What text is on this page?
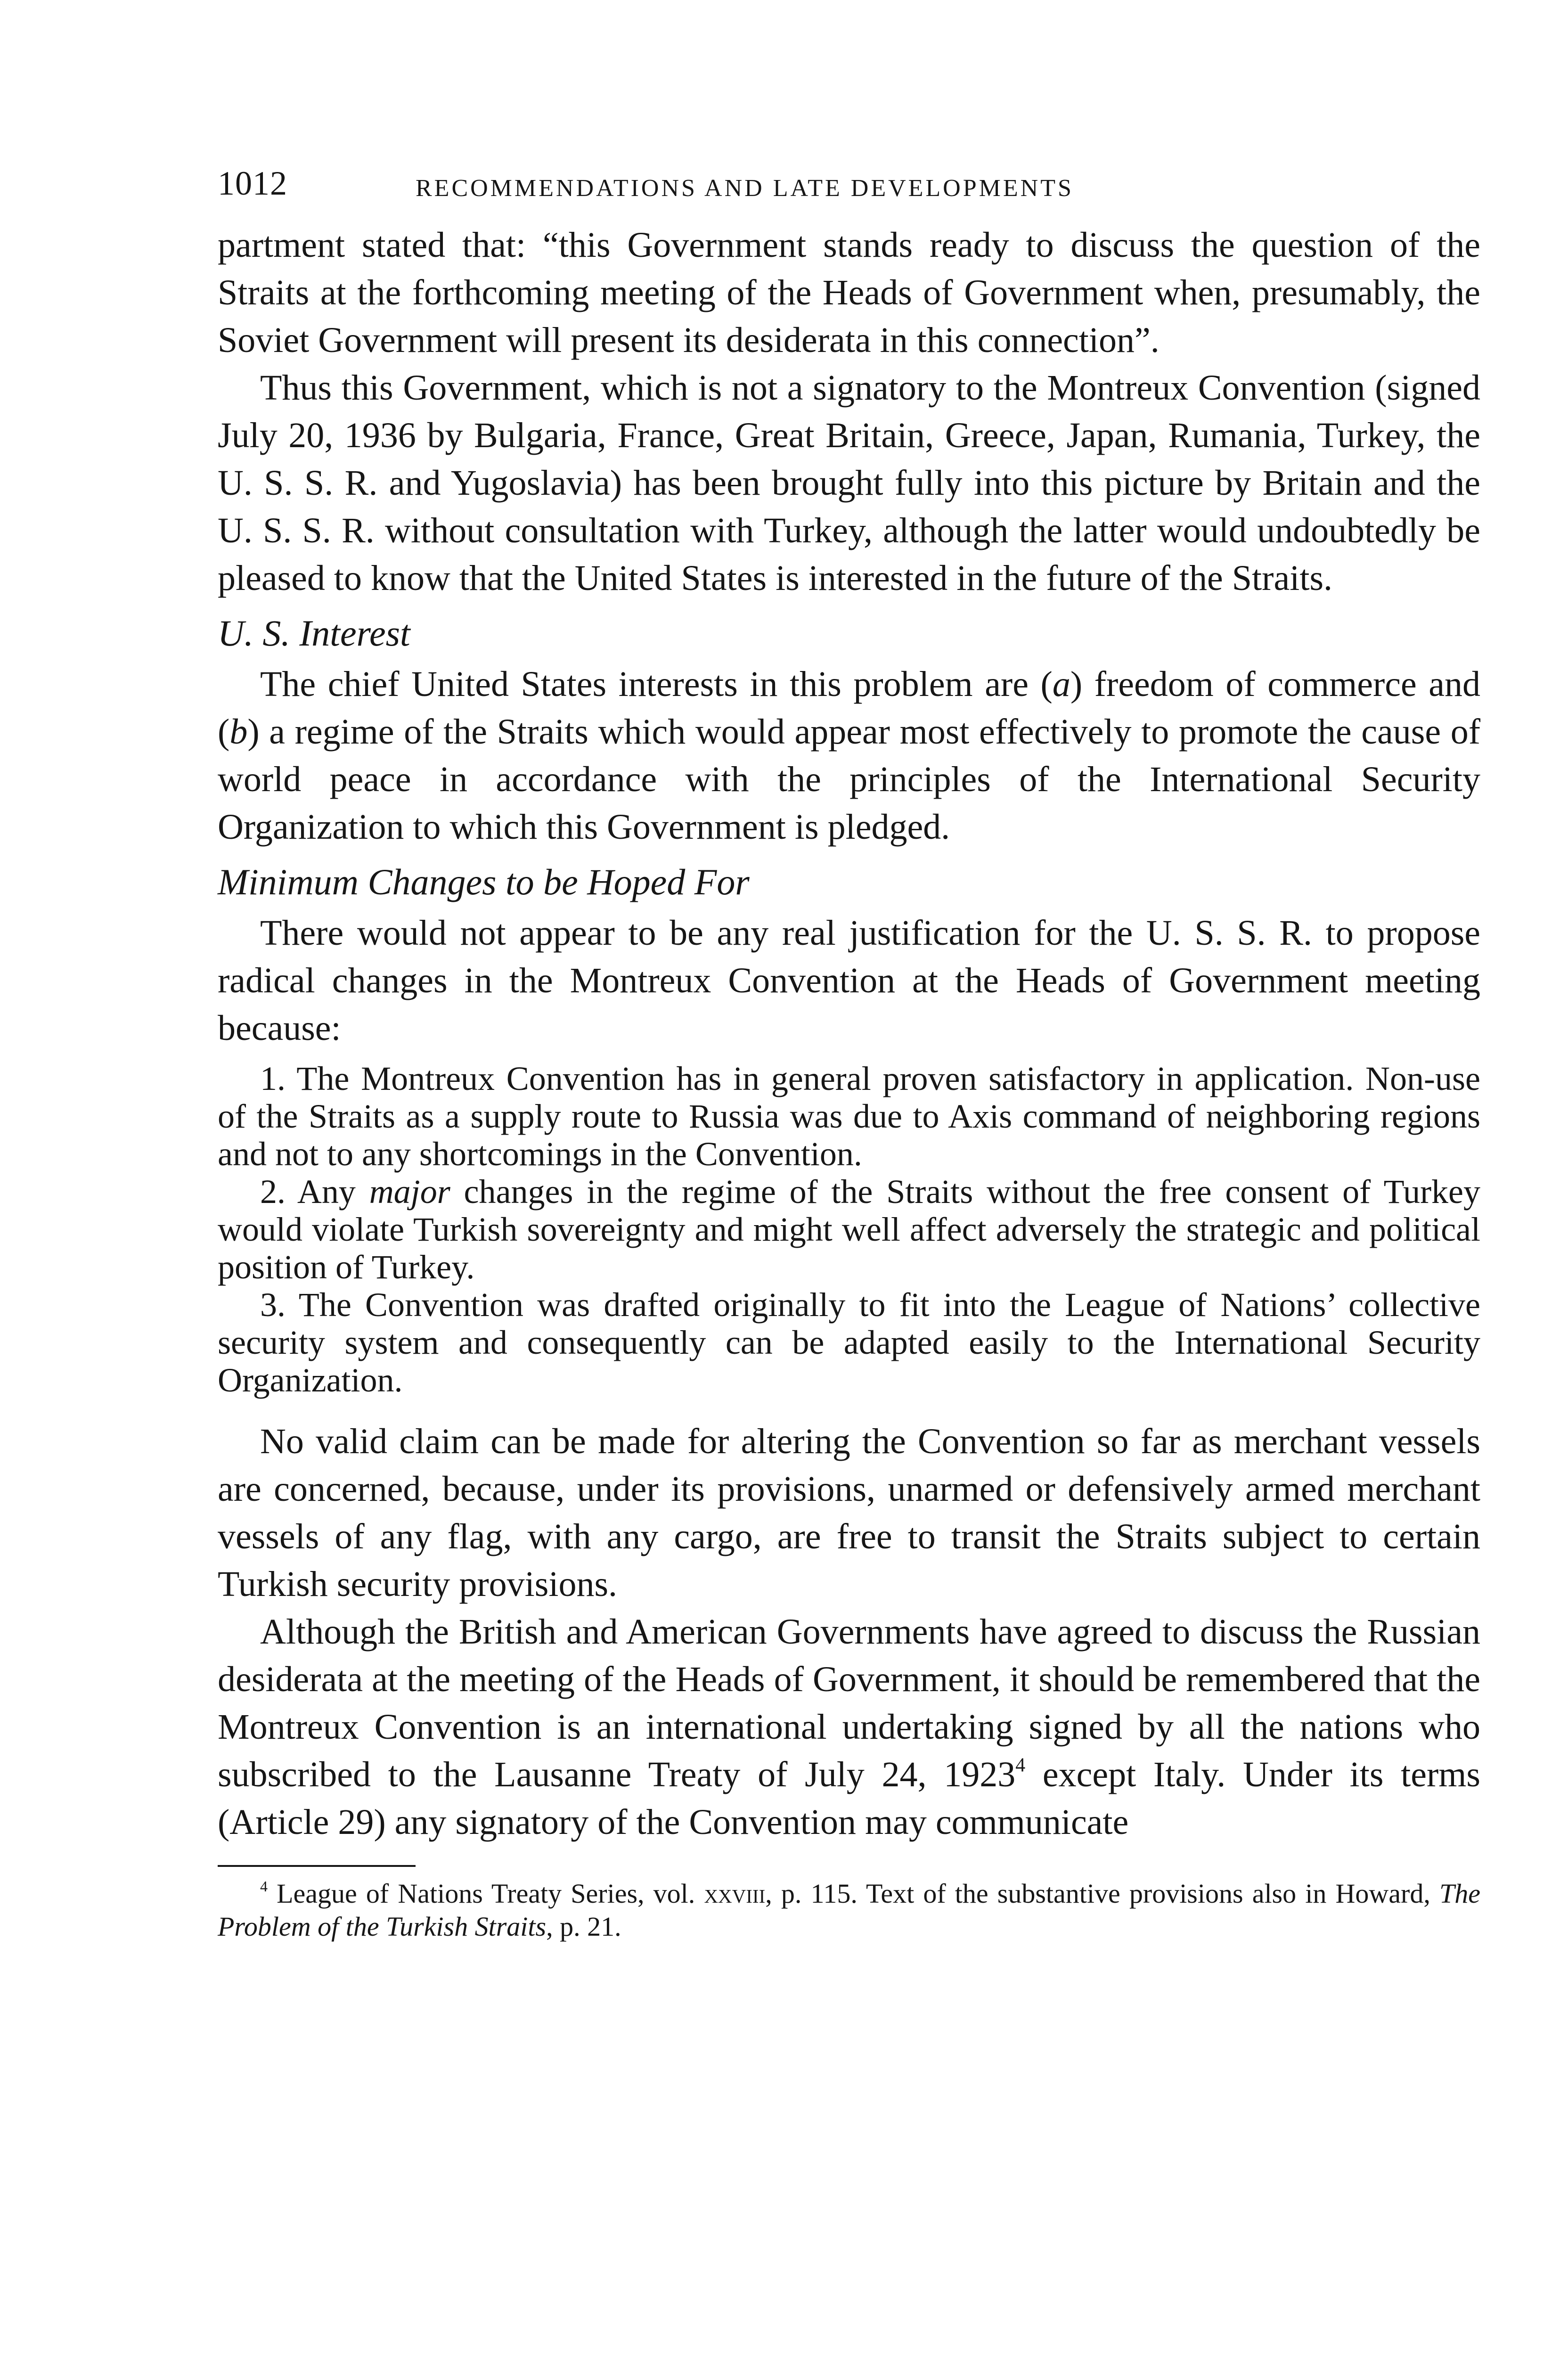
1012	RECOMMENDATIONS AND LATE DEVELOPMENTS

partment stated that: “this Government stands ready to discuss the question of the Straits at the forthcoming meeting of the Heads of Government when, presumably, the Soviet Government will present its desiderata in this connection”.

Thus this Government, which is not a signatory to the Montreux Convention (signed July 20, 1936 by Bulgaria, France, Great Britain, Greece, Japan, Rumania, Turkey, the U. S. S. R. and Yugoslavia) has been brought fully into this picture by Britain and the U. S. S. R. without consultation with Turkey, although the latter would undoubtedly be pleased to know that the United States is interested in the future of the Straits.

U. S. Interest

The chief United States interests in this problem are (a) freedom of commerce and (b) a regime of the Straits which would appear most effectively to promote the cause of world peace in accordance with the principles of the International Security Organization to which this Government is pledged.

Minimum Changes to be Hoped For

There would not appear to be any real justification for the U. S. S. R. to propose radical changes in the Montreux Convention at the Heads of Government meeting because:

1. The Montreux Convention has in general proven satisfactory in application. Non-use of the Straits as a supply route to Russia was due to Axis command of neighboring regions and not to any shortcomings in the Convention.
2. Any major changes in the regime of the Straits without the free consent of Turkey would violate Turkish sovereignty and might well affect adversely the strategic and political position of Turkey.
3. The Convention was drafted originally to fit into the League of Nations’ collective security system and consequently can be adapted easily to the International Security Organization.

No valid claim can be made for altering the Convention so far as merchant vessels are concerned, because, under its provisions, unarmed or defensively armed merchant vessels of any flag, with any cargo, are free to transit the Straits subject to certain Turkish security provisions.

Although the British and American Governments have agreed to discuss the Russian desiderata at the meeting of the Heads of Government, it should be remembered that the Montreux Convention is an international undertaking signed by all the nations who subscribed to the Lausanne Treaty of July 24, 1923$^4$ except Italy. Under its terms (Article 29) any signatory of the Convention may communicate

$^4$ League of Nations Treaty Series, vol. xxviii, p. 115. Text of the substantive provisions also in Howard, The Problem of the Turkish Straits, p. 21.
